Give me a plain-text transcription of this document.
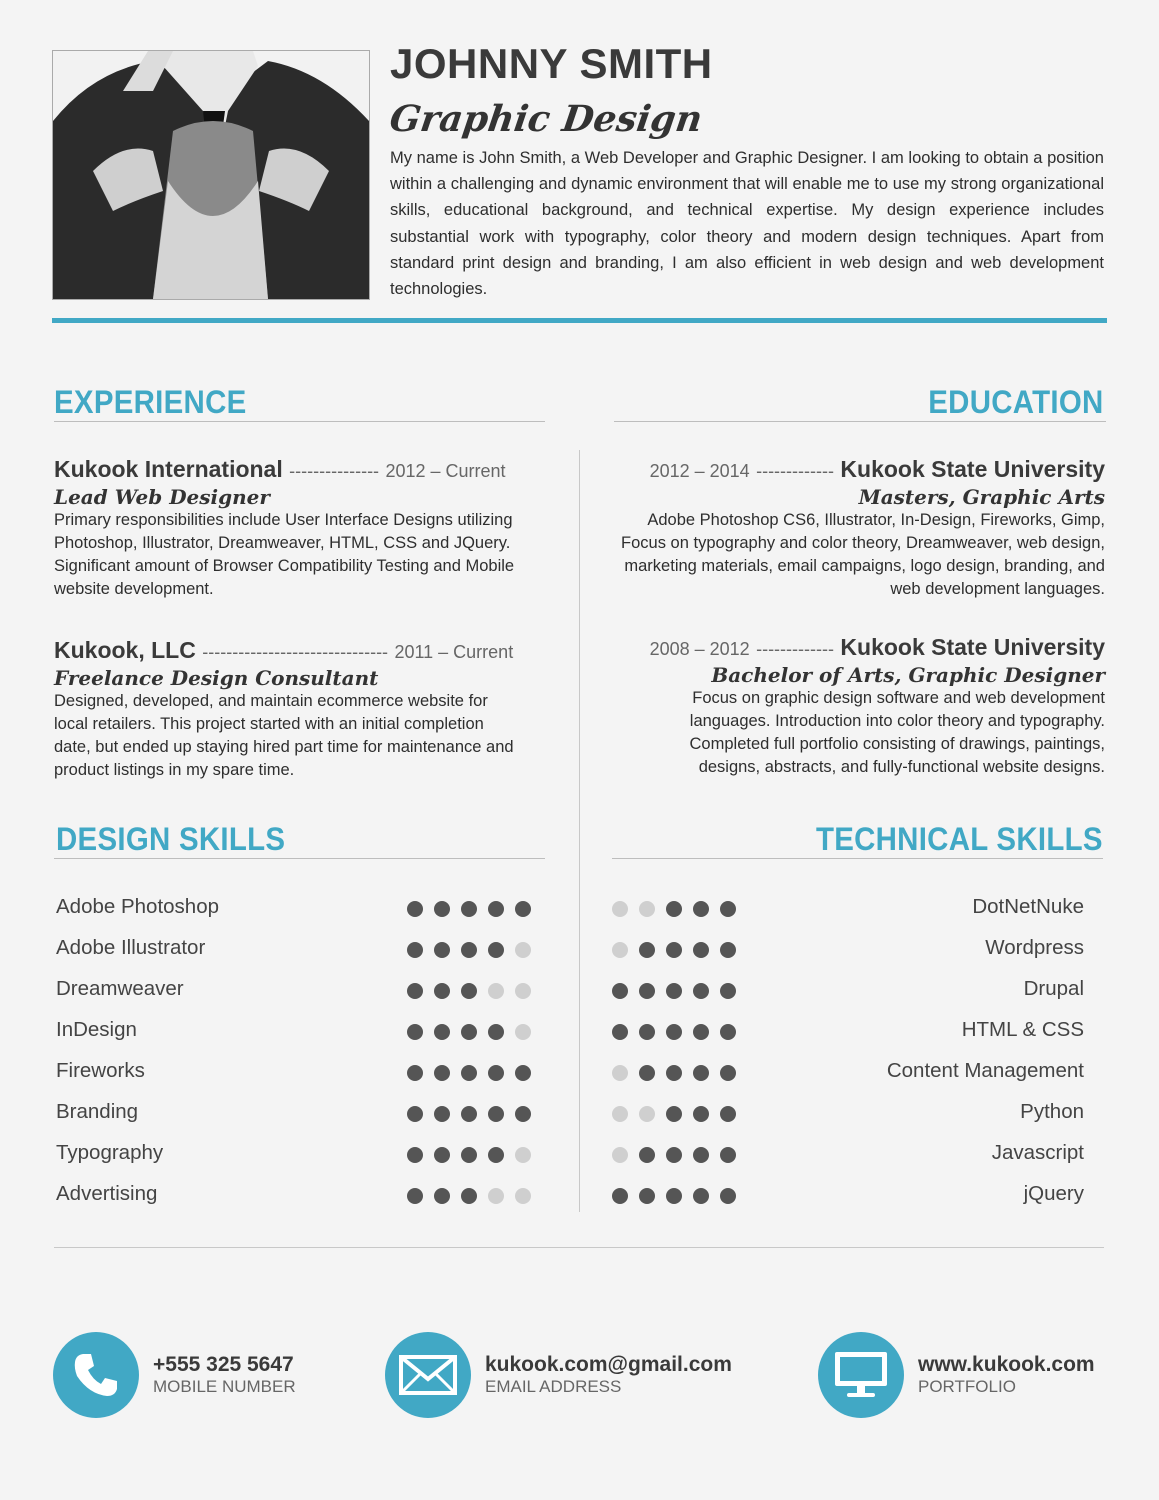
JOHNNY SMITH
Graphic Design

My name is John Smith, a Web Developer and Graphic Designer. I am looking to obtain a position within a challenging and dynamic environment that will enable me to use my strong organizational skills, educational background, and technical expertise. My design experience includes substantial work with typography, color theory and modern design techniques. Apart from standard print design and branding, I am also efficient in web design and web development technologies.

EXPERIENCE	EDUCATION
Kukook International --------------- 2012 – Current
Lead Web Designer

Primary responsibilities include User Interface Designs utilizing Photoshop, Illustrator, Dreamweaver, HTML, CSS and JQuery. Significant amount of Browser Compatibility Testing and Mobile website development.

Kukook, LLC ------------------------------- 2011 – Current
Freelance Design Consultant

Designed, developed, and maintain ecommerce website for local retailers. This project started with an initial completion date, but ended up staying hired part time for maintenance and product listings in my spare time.

2012 – 2014 ------------- Kukook State University
Masters, Graphic Arts

Adobe Photoshop CS6, Illustrator, In-Design, Fireworks, Gimp, Focus on typography and color theory, Dreamweaver, web design, marketing materials, email campaigns, logo design, branding, and web development languages.

2008 – 2012 ------------- Kukook State University
Bachelor of Arts, Graphic Designer

Focus on graphic design software and web development languages. Introduction into color theory and typography. Completed full portfolio consisting of drawings, paintings, designs, abstracts, and fully-functional website designs.

DESIGN SKILLS	TECHNICAL SKILLS
Adobe Photoshop
Adobe Illustrator
Dreamweaver
InDesign
Fireworks
Branding
Typography
Advertising
DotNetNuke
Wordpress
Drupal
HTML & CSS
Content Management
Python
Javascript
jQuery
+555 325 5647
MOBILE NUMBER
kukook.com@gmail.com
EMAIL ADDRESS
www.kukook.com
PORTFOLIO
